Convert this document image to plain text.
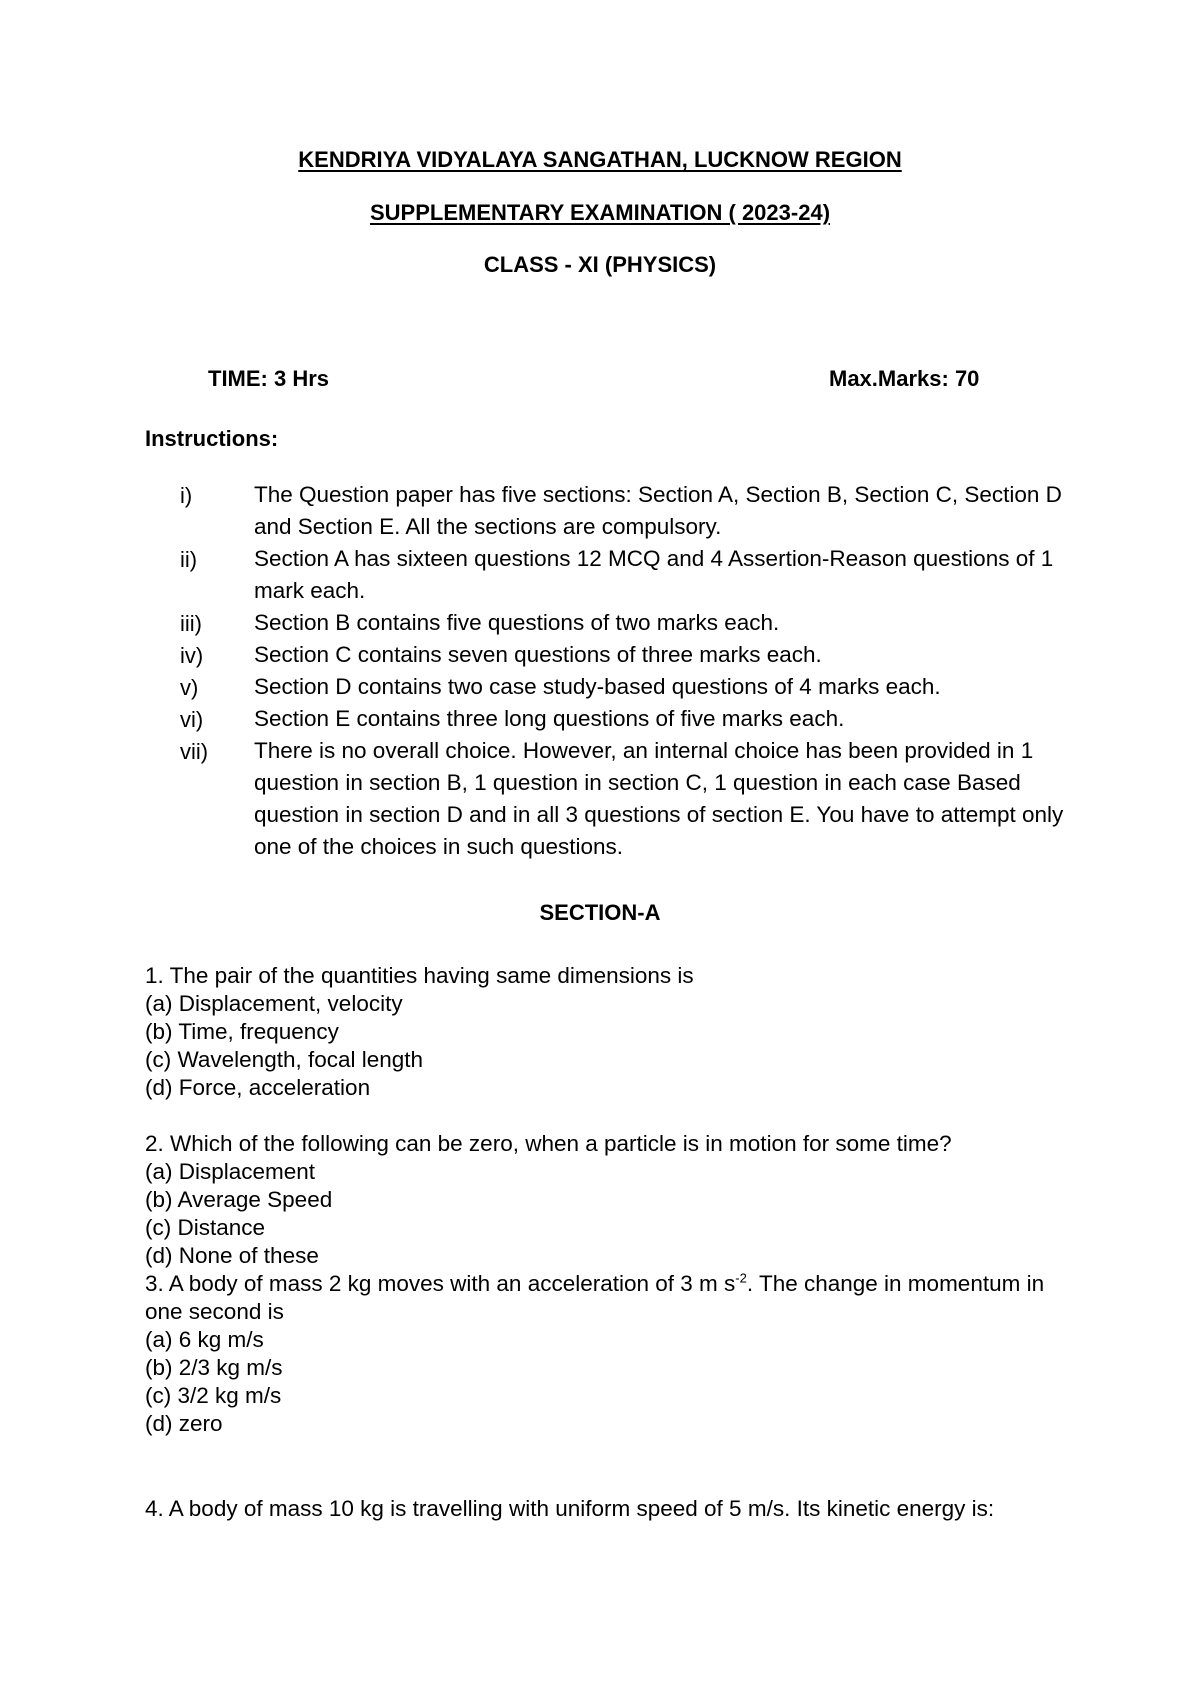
KENDRIYA VIDYALAYA SANGATHAN, LUCKNOW REGION
SUPPLEMENTARY EXAMINATION ( 2023-24)
CLASS - XI (PHYSICS)
TIME: 3 Hrs	Max.Marks: 70
Instructions:
i)	The Question paper has five sections: Section A, Section B, Section C, Section D and Section E. All the sections are compulsory.
ii)	Section A has sixteen questions 12 MCQ and 4 Assertion-Reason questions of 1 mark each.
iii) Section B contains five questions of two marks each.
iv) Section C contains seven questions of three marks each.
v) Section D contains two case study-based questions of 4 marks each.
vi) Section E contains three long questions of five marks each.
vii) There is no overall choice. However, an internal choice has been provided in 1 question in section B, 1 question in section C, 1 question in each case Based question in section D and in all 3 questions of section E. You have to attempt only one of the choices in such questions.
SECTION-A
1. The pair of the quantities having same dimensions is
(a) Displacement, velocity
(b) Time, frequency
(c) Wavelength, focal length
(d) Force, acceleration
2. Which of the following can be zero, when a particle is in motion for some time?
(a) Displacement
(b) Average Speed
(c) Distance
(d) None of these
3. A body of mass 2 kg moves with an acceleration of 3 m $s^{-2}$. The change in momentum in one second is
(a) 6 kg m/s
(b) 2/3 kg m/s
(c) 3/2 kg m/s
(d) zero
4. A body of mass 10 kg is travelling with uniform speed of 5 m/s. Its kinetic energy is:
